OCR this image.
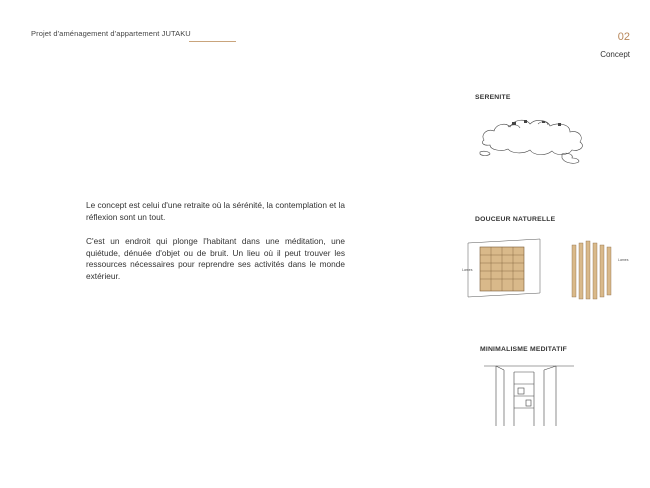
Projet d'aménagement d'appartement JUTAKU	02
Concept

Le concept est celui d'une retraite où la sérénité, la contemplation et la réflexion sont un tout.

C'est un endroit qui plonge l'habitant dans une méditation, une quiétude, dénuée d'objet ou de bruit. Un lieu où il peut trouver les ressources nécessaires pour reprendre ses activités dans le monde extérieur.

SERENITE
DOUCEUR NATURELLE
Lames
Lames
MINIMALISME MEDITATIF
